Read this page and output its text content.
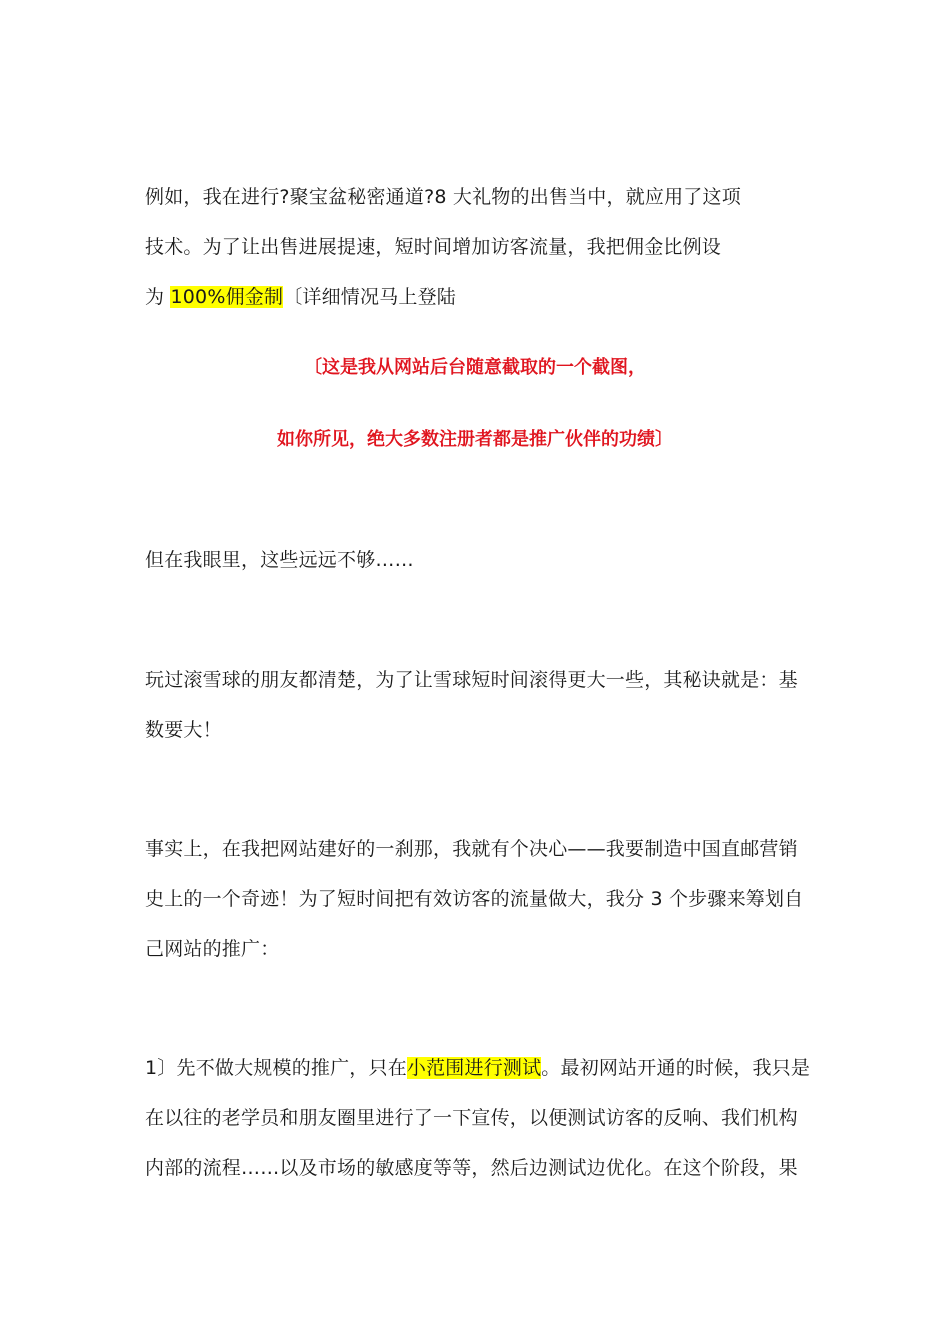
例如，我在进行?聚宝盆秘密通道?8 大礼物的出售当中，就应用了这项
技术。为了让出售进展提速，短时间增加访客流量，我把佣金比例设
为 100%佣金制〔详细情况马上登陆

〔这是我从网站后台随意截取的一个截图，

如你所见，绝大多数注册者都是推广伙伴的功绩〕

但在我眼里，这些远远不够……

玩过滚雪球的朋友都清楚，为了让雪球短时间滚得更大一些，其秘诀就是：基
数要大！

事实上，在我把网站建好的一刹那，我就有个决心——我要制造中国直邮营销
史上的一个奇迹！为了短时间把有效访客的流量做大，我分 3 个步骤来筹划自
己网站的推广：

1〕先不做大规模的推广，只在小范围进行测试。最初网站开通的时候，我只是
在以往的老学员和朋友圈里进行了一下宣传，以便测试访客的反响、我们机构
内部的流程……以及市场的敏感度等等，然后边测试边优化。在这个阶段，果
